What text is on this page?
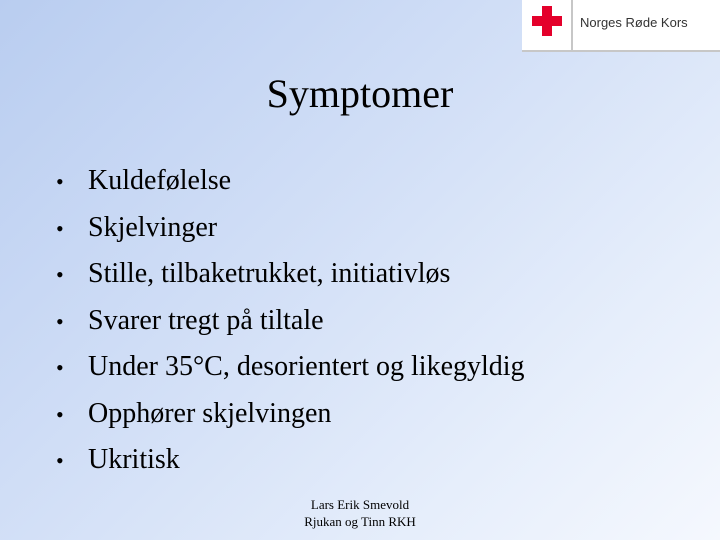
Norges Røde Kors
Symptomer
• Kuldefølelse
• Skjelvinger
• Stille, tilbaketrukket, initiativløs
• Svarer tregt på tiltale
• Under 35°C, desorientert og likegyldig
• Opphører skjelvingen
• Ukritisk
Lars Erik Smevold
Rjukan og Tinn RKH
